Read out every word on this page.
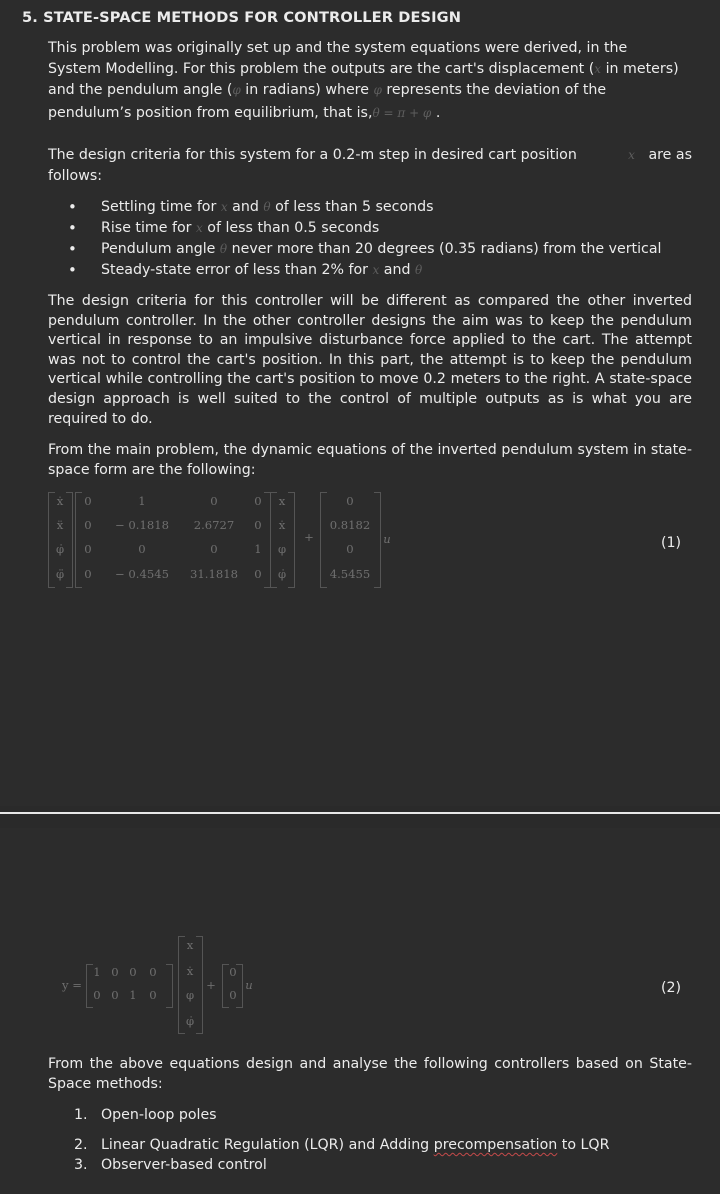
5. STATE-SPACE METHODS FOR CONTROLLER DESIGN
This problem was originally set up and the system equations were derived, in the
System Modelling. For this problem the outputs are the cart's displacement (x in meters)
and the pendulum angle (φ in radians) where φ represents the deviation of the
pendulum’s position from equilibrium, that is,θ = π + φ .
The design criteria for this system for a 0.2-m step in desired cart position	x are as
follows:
• Settling time for x and θ of less than 5 seconds
• Rise time for x of less than 0.5 seconds
• Pendulum angle θ never more than 20 degrees (0.35 radians) from the vertical
• Steady-state error of less than 2% for x and θ
The design criteria for this controller will be different as compared the other inverted pendulum controller. In the other controller designs the aim was to keep the pendulum vertical in response to an impulsive disturbance force applied to the cart. The attempt was not to control the cart's position. In this part, the attempt is to keep the pendulum vertical while controlling the cart's position to move 0.2 meters to the right. A state-space design approach is well suited to the control of multiple outputs as is what you are required to do.
From the main problem, the dynamic equations of the inverted pendulum system in state-space form are the following:
ẋ
ẍ
φ̇
φ̈
0	1	0	0
0	− 0.1818	2.6727	0
0	0	0	1
0	− 0.4545	31.1818	0
x
ẋ
φ
φ̇
+
0
0.8182
0
4.5455
u	(1)
y =
1 0 0 0
0 0 1 0
x
ẋ
φ
φ̇
+
0
0
u	(2)
From the above equations design and analyse the following controllers based on State-Space methods:
1. Open-loop poles
2. Linear Quadratic Regulation (LQR) and Adding precompensation to LQR
3. Observer-based control
